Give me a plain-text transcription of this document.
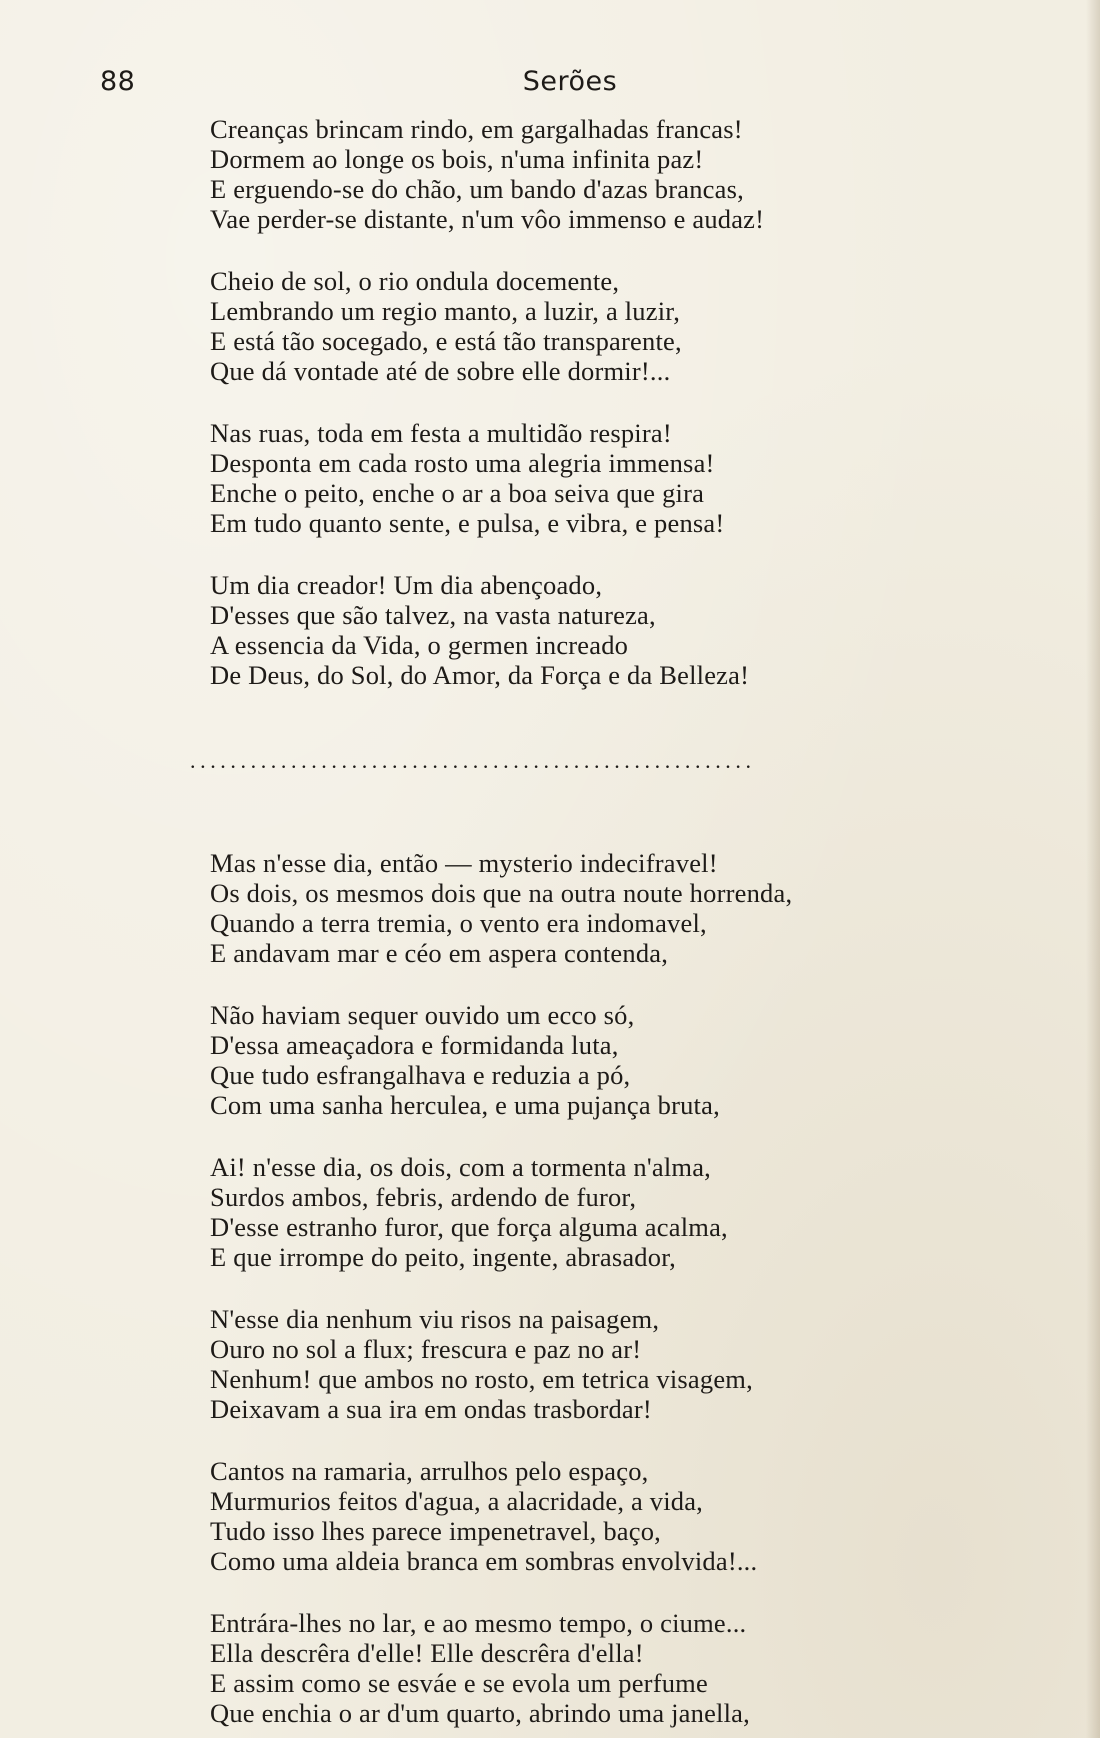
88	Serões
Creanças brincam rindo, em gargalhadas francas!
Dormem ao longe os bois, n'uma infinita paz!
E erguendo-se do chão, um bando d'azas brancas,
Vae perder-se distante, n'um vôo immenso e audaz!
Cheio de sol, o rio ondula docemente,
Lembrando um regio manto, a luzir, a luzir,
E está tão socegado, e está tão transparente,
Que dá vontade até de sobre elle dormir!...
Nas ruas, toda em festa a multidão respira!
Desponta em cada rosto uma alegria immensa!
Enche o peito, enche o ar a boa seiva que gira
Em tudo quanto sente, e pulsa, e vibra, e pensa!
Um dia creador! Um dia abençoado,
D'esses que são talvez, na vasta natureza,
A essencia da Vida, o germen increado
De Deus, do Sol, do Amor, da Força e da Belleza!
........................................................
Mas n'esse dia, então — mysterio indecifravel!
Os dois, os mesmos dois que na outra noute horrenda,
Quando a terra tremia, o vento era indomavel,
E andavam mar e céo em aspera contenda,
Não haviam sequer ouvido um ecco só,
D'essa ameaçadora e formidanda luta,
Que tudo esfrangalhava e reduzia a pó,
Com uma sanha herculea, e uma pujança bruta,
Ai! n'esse dia, os dois, com a tormenta n'alma,
Surdos ambos, febris, ardendo de furor,
D'esse estranho furor, que força alguma acalma,
E que irrompe do peito, ingente, abrasador,
N'esse dia nenhum viu risos na paisagem,
Ouro no sol a flux; frescura e paz no ar!
Nenhum! que ambos no rosto, em tetrica visagem,
Deixavam a sua ira em ondas trasbordar!
Cantos na ramaria, arrulhos pelo espaço,
Murmurios feitos d'agua, a alacridade, a vida,
Tudo isso lhes parece impenetravel, baço,
Como uma aldeia branca em sombras envolvida!...
Entrára-lhes no lar, e ao mesmo tempo, o ciume...
Ella descrêra d'elle! Elle descrêra d'ella!
E assim como se esváe e se evola um perfume
Que enchia o ar d'um quarto, abrindo uma janella,
